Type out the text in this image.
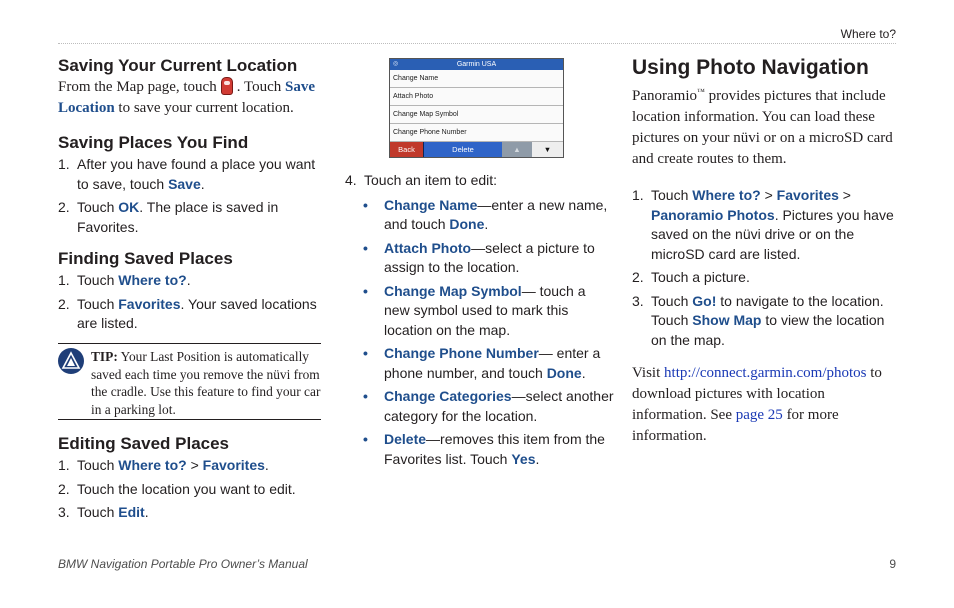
Where to?
Saving Your Current Location

From the Map page, touch . Touch Save Location to save your current location.

Saving Places You Find
1. After you have found a place you want to save, touch Save.
2. Touch OK. The place is saved in Favorites.
Finding Saved Places
1. Touch Where to?.
2. Touch Favorites. Your saved locations are listed.
TIP: Your Last Position is automatically saved each time you remove the nüvi from the cradle. Use this feature to find your car in a parking lot.
Editing Saved Places
1. Touch Where to? > Favorites.
2. Touch the location you want to edit.
3. Touch Edit.
◎	Garmin USA
Change Name
Attach Photo
Change Map Symbol
Change Phone Number
Back	Delete	▲	▼
4. Touch an item to edit:
• Change Name—enter a new name, and touch Done.
• Attach Photo—select a picture to assign to the location.
• Change Map Symbol— touch a new symbol used to mark this location on the map.
• Change Phone Number— enter a phone number, and touch Done.
• Change Categories—select another category for the location.
• Delete—removes this item from the Favorites list. Touch Yes.
Using Photo Navigation

Panoramio™ provides pictures that include location information. You can load these pictures on your nüvi or on a microSD card and create routes to them.

1. Touch Where to? > Favorites > Panoramio Photos. Pictures you have saved on the nüvi drive or on the microSD card are listed.
2. Touch a picture.
3. Touch Go! to navigate to the location. Touch Show Map to view the location on the map.

Visit http://connect.garmin.com/photos to download pictures with location information. See page 25 for more information.

BMW Navigation Portable Pro Owner’s Manual	9
